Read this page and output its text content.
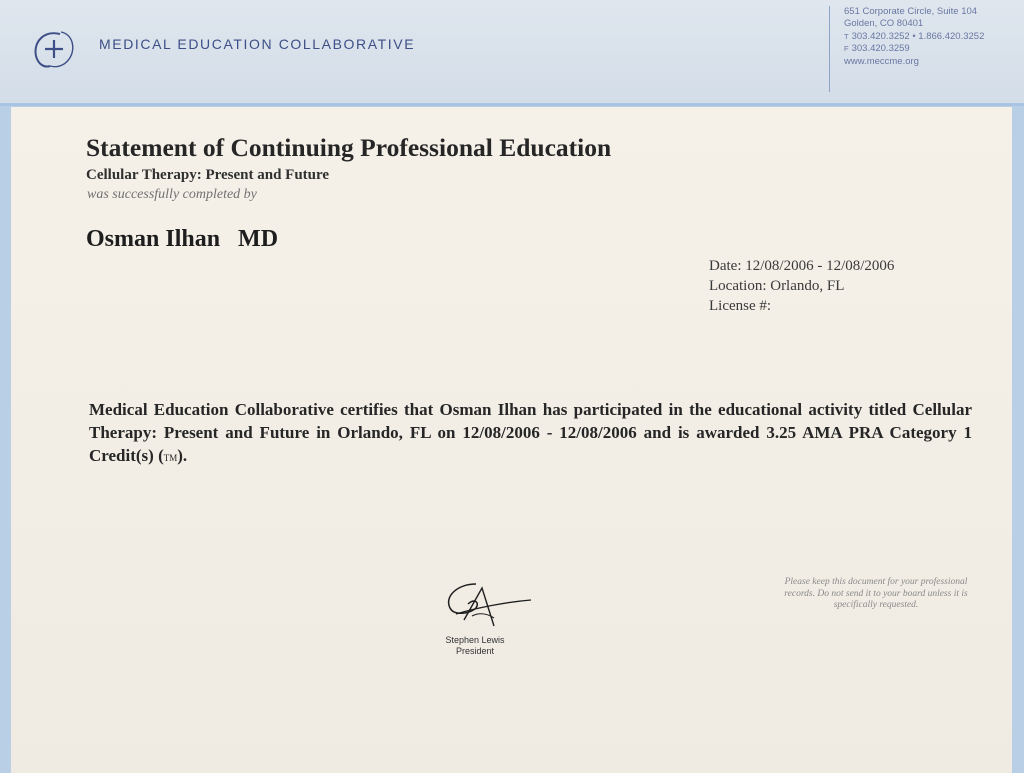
MEDICAL EDUCATION COLLABORATIVE
651 Corporate Circle, Suite 104
Golden, CO 80401
T 303.420.3252 • 1.866.420.3252
F 303.420.3259
www.meccme.org
Statement of Continuing Professional Education
Cellular Therapy: Present and Future
was successfully completed by
Osman Ilhan   MD
Date: 12/08/2006 - 12/08/2006
Location: Orlando, FL
License #:
Medical Education Collaborative certifies that Osman Ilhan has participated in the educational activity titled Cellular Therapy: Present and Future in Orlando, FL on 12/08/2006 - 12/08/2006 and is awarded 3.25 AMA PRA Category 1 Credit(s) (TM).
Stephen Lewis
President
Please keep this document for your professional records. Do not send it to your board unless it is specifically requested.
